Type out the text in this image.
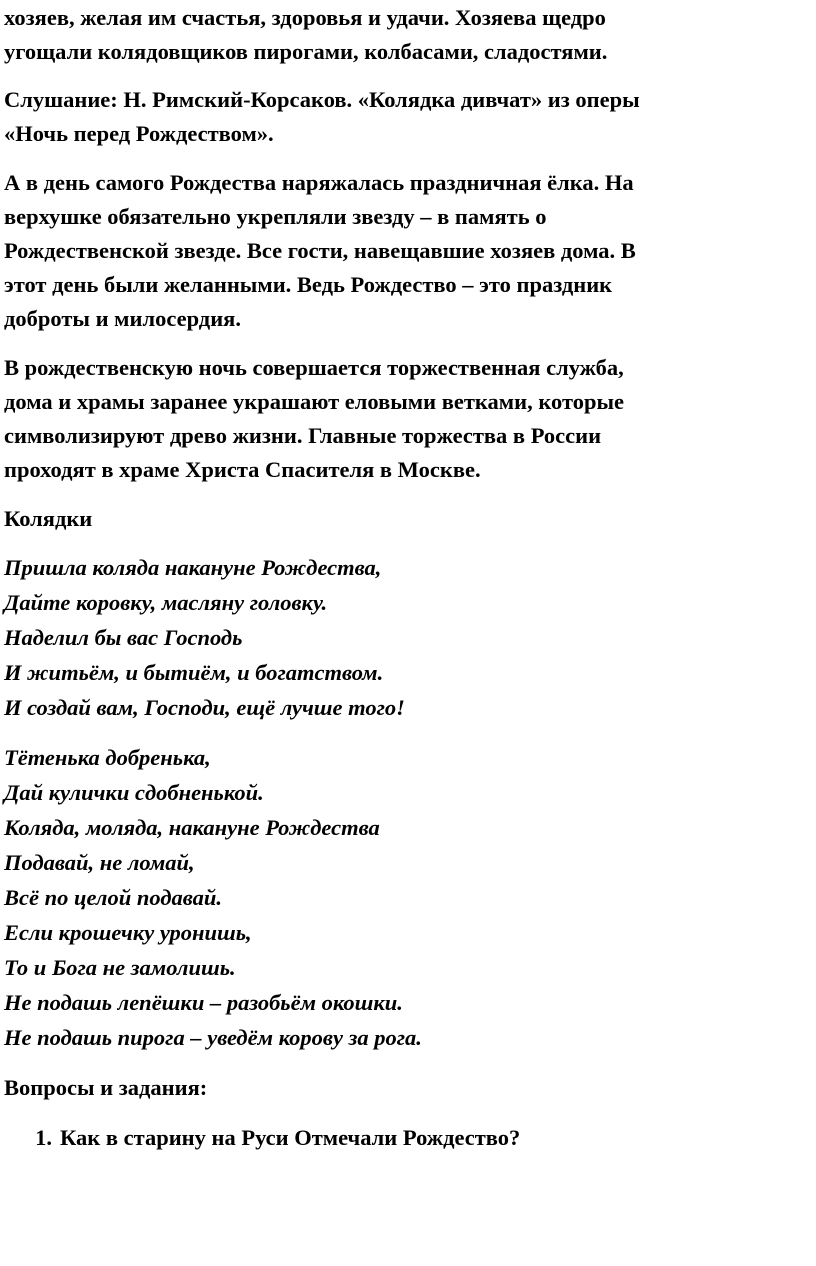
хозяев, желая им счастья, здоровья и удачи. Хозяева щедро
угощали колядовщиков пирогами, колбасами, сладостями.

Слушание: Н. Римский-Корсаков. «Колядка дивчат» из оперы
«Ночь перед Рождеством».

А в день самого Рождества наряжалась праздничная ёлка. На
верхушке обязательно укрепляли звезду – в память о
Рождественской звезде. Все гости, навещавшие хозяев дома. В
этот день были желанными. Ведь Рождество – это праздник
доброты и милосердия.

В рождественскую ночь совершается торжественная служба,
дома и храмы заранее украшают еловыми ветками, которые
символизируют древо жизни. Главные торжества в России
проходят в храме Христа Спасителя в Москве.

Колядки

Пришла коляда накануне Рождества,
Дайте коровку, масляну головку.
Наделил бы вас Господь
И житьём, и бытиём, и богатством.
И создай вам, Господи, ещё лучше того!
Тётенька добренька,
Дай кулички сдобненькой.
Коляда, моляда, накануне Рождества
Подавай, не ломай,
Всё по целой подавай.
Если крошечку уронишь,
То и Бога не замолишь.
Не подашь лепёшки – разобьём окошки.
Не подашь пирога – уведём корову за рога.

Вопросы и задания:

1. Как в старину на Руси Отмечали Рождество?
